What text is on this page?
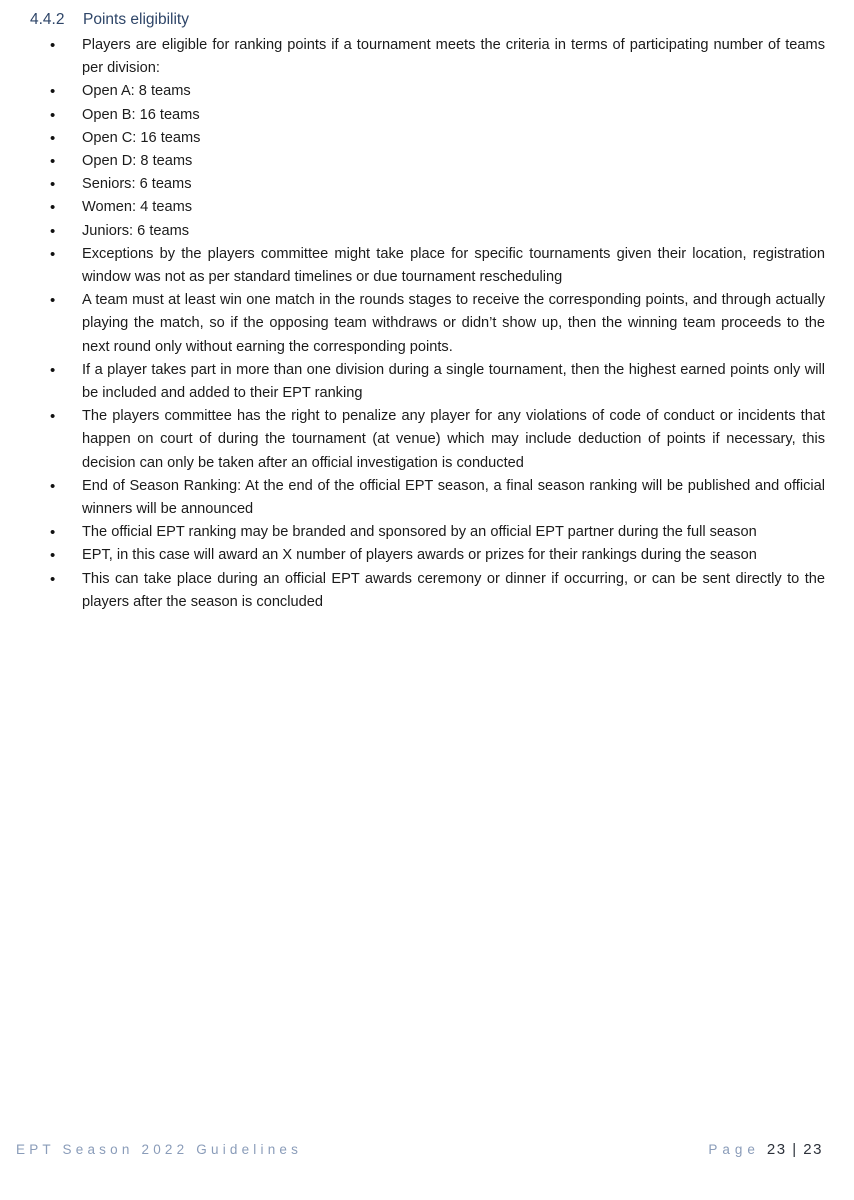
4.4.2 Points eligibility
• Players are eligible for ranking points if a tournament meets the criteria in terms of participating number of teams per division:
• Open A: 8 teams
• Open B: 16 teams
• Open C: 16 teams
• Open D: 8 teams
• Seniors: 6 teams
• Women: 4 teams
• Juniors: 6 teams
• Exceptions by the players committee might take place for specific tournaments given their location, registration window was not as per standard timelines or due tournament rescheduling
• A team must at least win one match in the rounds stages to receive the corresponding points, and through actually playing the match, so if the opposing team withdraws or didn’t show up, then the winning team proceeds to the next round only without earning the corresponding points.
• If a player takes part in more than one division during a single tournament, then the highest earned points only will be included and added to their EPT ranking
• The players committee has the right to penalize any player for any violations of code of conduct or incidents that happen on court of during the tournament (at venue) which may include deduction of points if necessary, this decision can only be taken after an official investigation is conducted
• End of Season Ranking: At the end of the official EPT season, a final season ranking will be published and official winners will be announced
• The official EPT ranking may be branded and sponsored by an official EPT partner during the full season
• EPT, in this case will award an X number of players awards or prizes for their rankings during the season
• This can take place during an official EPT awards ceremony or dinner if occurring, or can be sent directly to the players after the season is concluded
EPT Season 2022 Guidelines	Page 23 | 23
